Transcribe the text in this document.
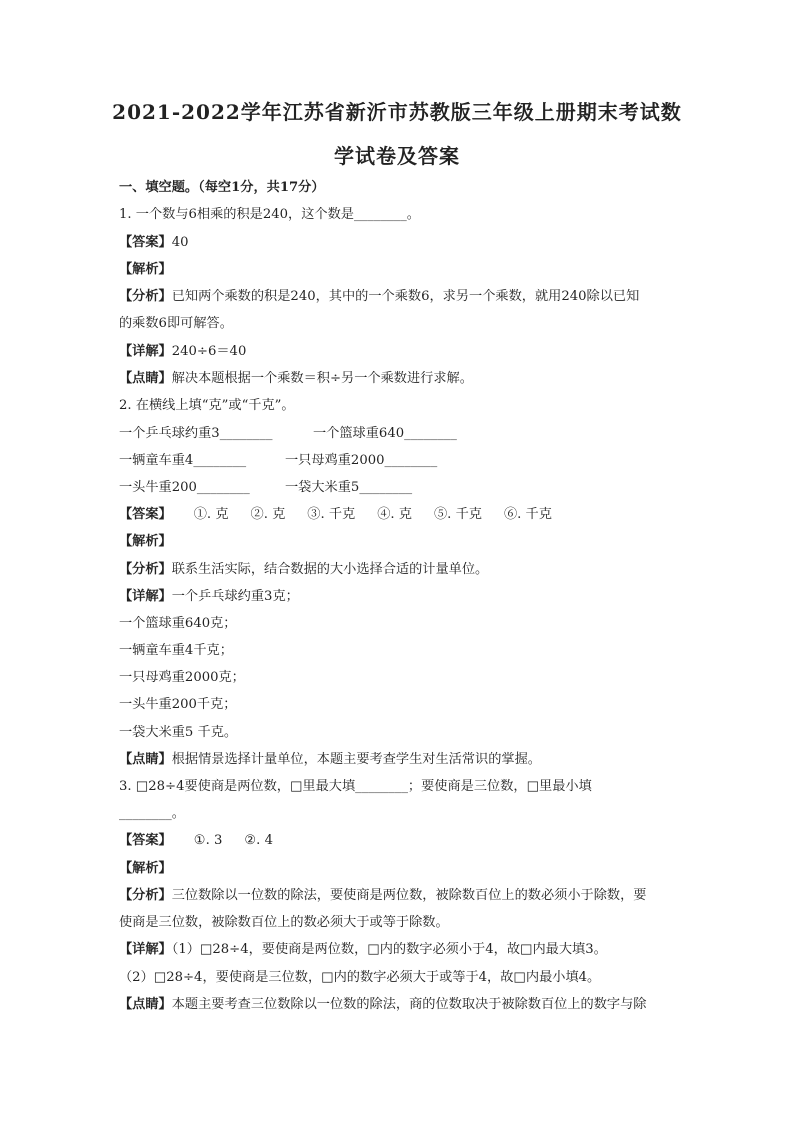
2021-2022学年江苏省新沂市苏教版三年级上册期末考试数
学试卷及答案
一、填空题。（每空1分，共17分）
1. 一个数与6相乘的积是240，这个数是________。
【答案】40
【解析】
【分析】已知两个乘数的积是240，其中的一个乘数6，求另一个乘数，就用240除以已知
的乘数6即可解答。
【详解】240÷6＝40
【点睛】解决本题根据一个乘数＝积÷另一个乘数进行求解。
2. 在横线上填“克”或“千克”。
一个乒乓球约重3________	一个篮球重640________
一辆童车重4________	一只母鸡重2000________
一头牛重200________	一袋大米重5________
【答案】 ①. 克 ②. 克 ③. 千克 ④. 克 ⑤. 千克 ⑥. 千克
【解析】
【分析】联系生活实际，结合数据的大小选择合适的计量单位。
【详解】一个乒乓球约重3克；
一个篮球重640克；
一辆童车重4千克；
一只母鸡重2000克；
一头牛重200千克；
一袋大米重5 千克。
【点睛】根据情景选择计量单位，本题主要考查学生对生活常识的掌握。
3. □28÷4要使商是两位数，□里最大填________；要使商是三位数，□里最小填
________。
【答案】 ①. 3 ②. 4
【解析】
【分析】三位数除以一位数的除法，要使商是两位数，被除数百位上的数必须小于除数，要
使商是三位数，被除数百位上的数必须大于或等于除数。
【详解】（1）□28÷4，要使商是两位数，□内的数字必须小于4，故□内最大填3。
（2）□28÷4，要使商是三位数，□内的数字必须大于或等于4，故□内最小填4。
【点睛】本题主要考查三位数除以一位数的除法，商的位数取决于被除数百位上的数字与除
